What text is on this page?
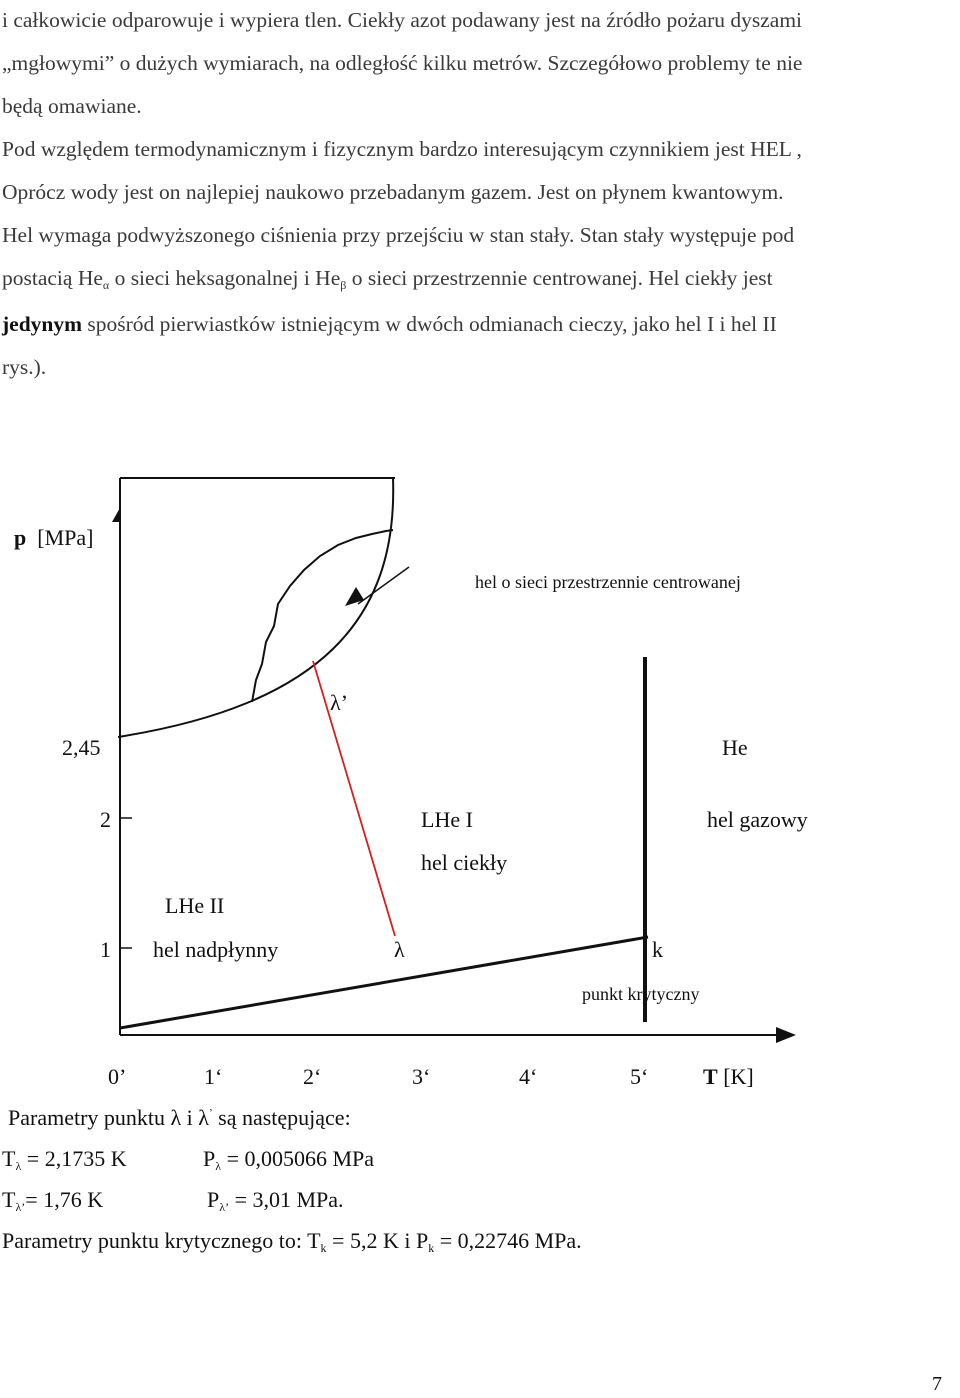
i całkowicie odparowuje i wypiera tlen. Ciekły azot podawany jest na źródło pożaru dyszami

„mgłowymi” o dużych wymiarach, na odległość kilku metrów. Szczegółowo problemy te nie

będą omawiane.

Pod względem termodynamicznym i fizycznym bardzo interesującym czynnikiem jest HEL ,

Oprócz wody jest on najlepiej naukowo przebadanym gazem. Jest on płynem kwantowym.

Hel wymaga podwyższonego ciśnienia przy przejściu w stan stały. Stan stały występuje pod

postacią Heα o sieci heksagonalnej i Heβ o sieci przestrzennie centrowanej. Hel ciekły jest

jedynym spośród pierwiastków istniejącym w dwóch odmianach cieczy, jako hel I i hel II

rys.).

p [MPa]
hel o sieci przestrzennie centrowanej
λ’
2,45	He
2	LHe I	hel gazowy
hel ciekły
LHe II
1 hel nadpłynny	λ	k
punkt krytyczny
0’	1‘	2‘	3‘	4‘	5‘ T [K]
Parametry punktu λ i λ’ są następujące:
Tλ = 2,1735 K	Pλ = 0,005066 MPa
Tλ’= 1,76 K	Pλ’ = 3,01 MPa.
Parametry punktu krytycznego to: Tk = 5,2 K i Pk = 0,22746 MPa.
7
